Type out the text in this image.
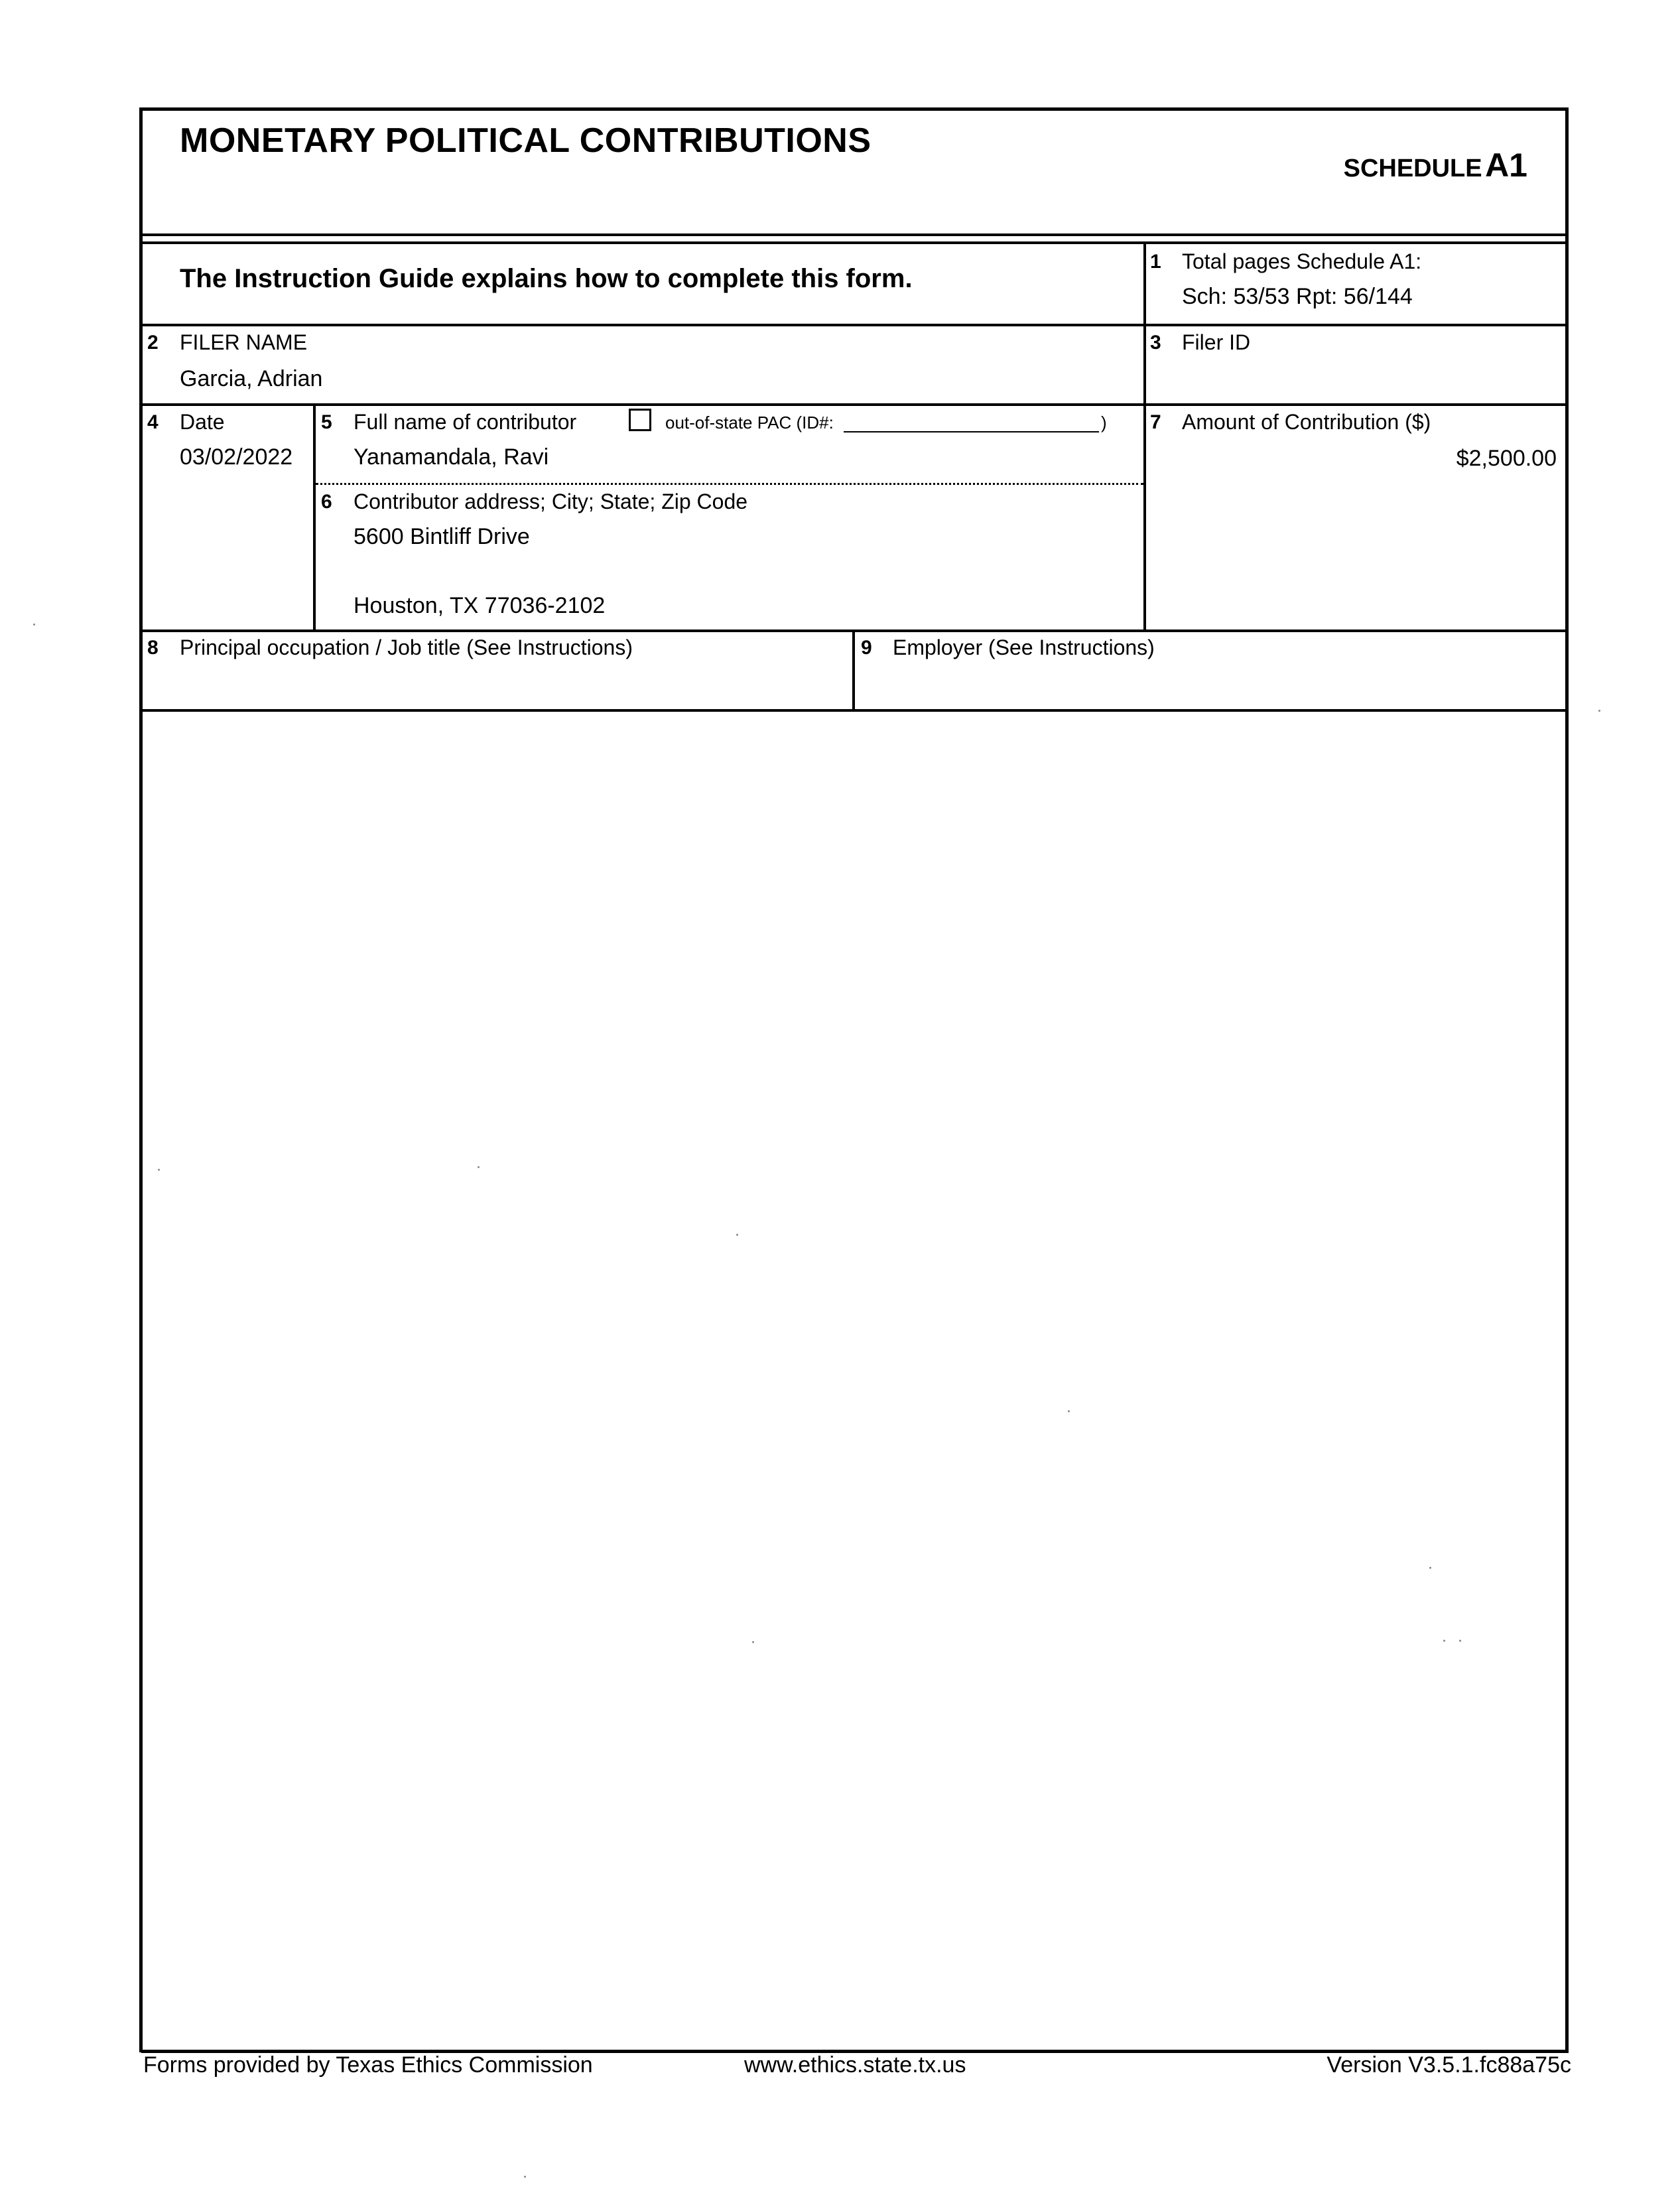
MONETARY POLITICAL CONTRIBUTIONS
SCHEDULE A1
The Instruction Guide explains how to complete this form.
1 Total pages Schedule A1:
Sch: 53/53 Rpt: 56/144
2 FILER NAME
Garcia, Adrian
3 Filer ID
4 Date
03/02/2022
5 Full name of contributor	out-of-state PAC (ID#:	)
Yanamandala, Ravi
6 Contributor address; City; State; Zip Code
5600 Bintliff Drive
Houston, TX 77036-2102
7 Amount of Contribution ($)
$2,500.00
8 Principal occupation / Job title (See Instructions)	9 Employer (See Instructions)
Forms provided by Texas Ethics Commission	www.ethics.state.tx.us	Version V3.5.1.fc88a75c
